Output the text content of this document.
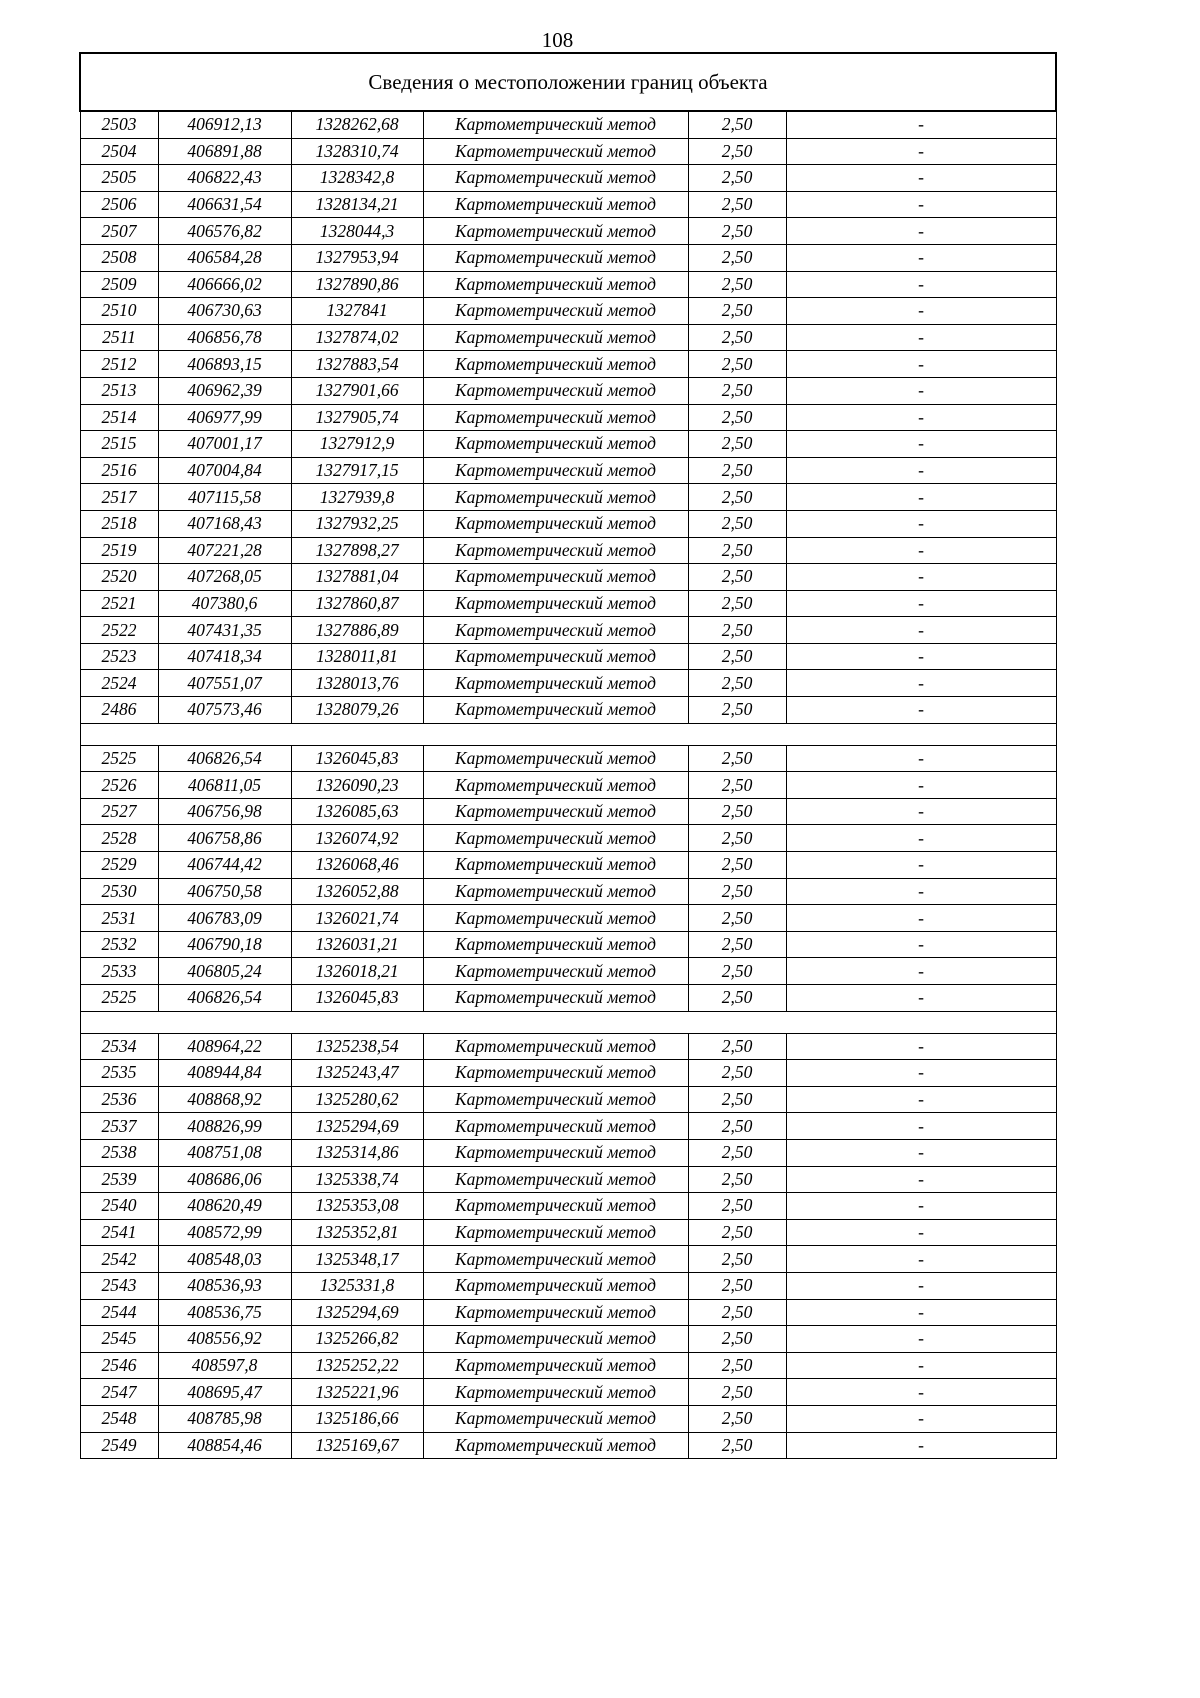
108
Сведения о местоположении границ объекта					
2503	406912,13	1328262,68	Картометрический метод	2,50	-
2504	406891,88	1328310,74	Картометрический метод	2,50	-
2505	406822,43	1328342,8	Картометрический метод	2,50	-
2506	406631,54	1328134,21	Картометрический метод	2,50	-
2507	406576,82	1328044,3	Картометрический метод	2,50	-
2508	406584,28	1327953,94	Картометрический метод	2,50	-
2509	406666,02	1327890,86	Картометрический метод	2,50	-
2510	406730,63	1327841	Картометрический метод	2,50	-
2511	406856,78	1327874,02	Картометрический метод	2,50	-
2512	406893,15	1327883,54	Картометрический метод	2,50	-
2513	406962,39	1327901,66	Картометрический метод	2,50	-
2514	406977,99	1327905,74	Картометрический метод	2,50	-
2515	407001,17	1327912,9	Картометрический метод	2,50	-
2516	407004,84	1327917,15	Картометрический метод	2,50	-
2517	407115,58	1327939,8	Картометрический метод	2,50	-
2518	407168,43	1327932,25	Картометрический метод	2,50	-
2519	407221,28	1327898,27	Картометрический метод	2,50	-
2520	407268,05	1327881,04	Картометрический метод	2,50	-
2521	407380,6	1327860,87	Картометрический метод	2,50	-
2522	407431,35	1327886,89	Картометрический метод	2,50	-
2523	407418,34	1328011,81	Картометрический метод	2,50	-
2524	407551,07	1328013,76	Картометрический метод	2,50	-
2486	407573,46	1328079,26	Картометрический метод	2,50	-

2525	406826,54	1326045,83	Картометрический метод	2,50	-
2526	406811,05	1326090,23	Картометрический метод	2,50	-
2527	406756,98	1326085,63	Картометрический метод	2,50	-
2528	406758,86	1326074,92	Картометрический метод	2,50	-
2529	406744,42	1326068,46	Картометрический метод	2,50	-
2530	406750,58	1326052,88	Картометрический метод	2,50	-
2531	406783,09	1326021,74	Картометрический метод	2,50	-
2532	406790,18	1326031,21	Картометрический метод	2,50	-
2533	406805,24	1326018,21	Картометрический метод	2,50	-
2525	406826,54	1326045,83	Картометрический метод	2,50	-

2534	408964,22	1325238,54	Картометрический метод	2,50	-
2535	408944,84	1325243,47	Картометрический метод	2,50	-
2536	408868,92	1325280,62	Картометрический метод	2,50	-
2537	408826,99	1325294,69	Картометрический метод	2,50	-
2538	408751,08	1325314,86	Картометрический метод	2,50	-
2539	408686,06	1325338,74	Картометрический метод	2,50	-
2540	408620,49	1325353,08	Картометрический метод	2,50	-
2541	408572,99	1325352,81	Картометрический метод	2,50	-
2542	408548,03	1325348,17	Картометрический метод	2,50	-
2543	408536,93	1325331,8	Картометрический метод	2,50	-
2544	408536,75	1325294,69	Картометрический метод	2,50	-
2545	408556,92	1325266,82	Картометрический метод	2,50	-
2546	408597,8	1325252,22	Картометрический метод	2,50	-
2547	408695,47	1325221,96	Картометрический метод	2,50	-
2548	408785,98	1325186,66	Картометрический метод	2,50	-
2549	408854,46	1325169,67	Картометрический метод	2,50	-
